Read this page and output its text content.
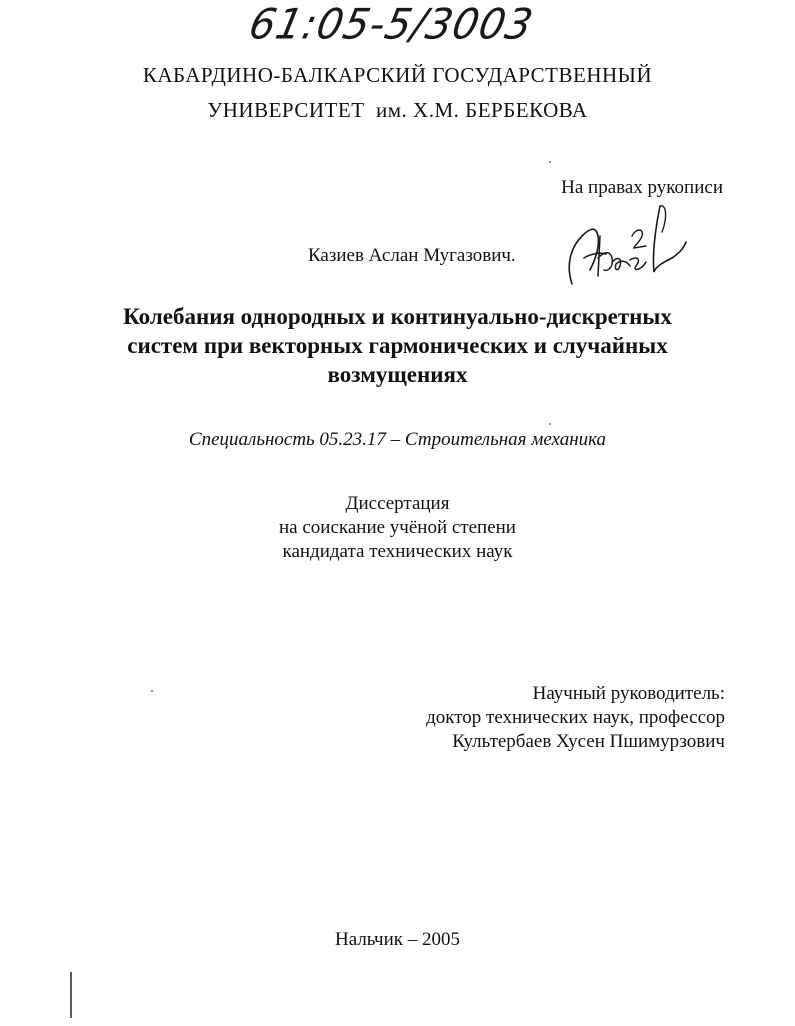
61:05-5/3003
КАБАРДИНО-БАЛКАРСКИЙ ГОСУДАРСТВЕННЫЙ
УНИВЕРСИТЕТ  им. Х.М. БЕРБЕКОВА
На правах рукописи
Казиев Аслан Мугазович.
Колебания однородных и континуально-дискретных
систем при векторных гармонических и случайных
возмущениях
Специальность 05.23.17 – Строительная механика
Диссертация
на соискание учёной степени
кандидата технических наук
Научный руководитель:
доктор технических наук, профессор
Культербаев Хусен Пшимурзович
Нальчик – 2005
